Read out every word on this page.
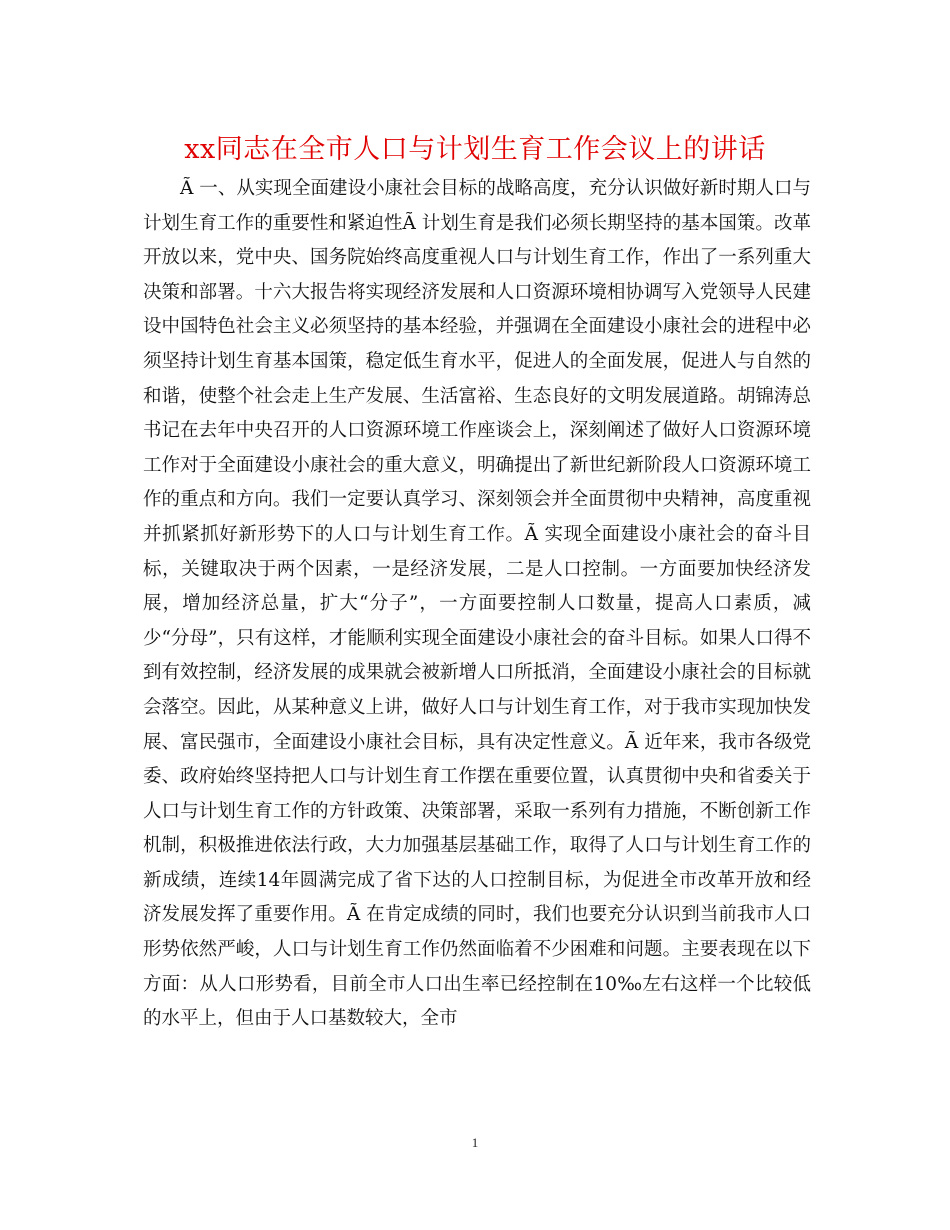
xx同志在全市人口与计划生育工作会议上的讲话

Ã 一、从实现全面建设小康社会目标的战略高度，充分认识做好新时期人口与计划生育工作的重要性和紧迫性Ã 计划生育是我们必须长期坚持的基本国策。改革开放以来，党中央、国务院始终高度重视人口与计划生育工作，作出了一系列重大决策和部署。十六大报告将实现经济发展和人口资源环境相协调写入党领导人民建设中国特色社会主义必须坚持的基本经验，并强调在全面建设小康社会的进程中必须坚持计划生育基本国策，稳定低生育水平，促进人的全面发展，促进人与自然的和谐，使整个社会走上生产发展、生活富裕、生态良好的文明发展道路。胡锦涛总书记在去年中央召开的人口资源环境工作座谈会上，深刻阐述了做好人口资源环境工作对于全面建设小康社会的重大意义，明确提出了新世纪新阶段人口资源环境工作的重点和方向。我们一定要认真学习、深刻领会并全面贯彻中央精神，高度重视并抓紧抓好新形势下的人口与计划生育工作。Ã 实现全面建设小康社会的奋斗目标，关键取决于两个因素，一是经济发展，二是人口控制。一方面要加快经济发展，增加经济总量，扩大“分子”，一方面要控制人口数量，提高人口素质，减少“分母”，只有这样，才能顺利实现全面建设小康社会的奋斗目标。如果人口得不到有效控制，经济发展的成果就会被新增人口所抵消，全面建设小康社会的目标就会落空。因此，从某种意义上讲，做好人口与计划生育工作，对于我市实现加快发展、富民强市，全面建设小康社会目标，具有决定性意义。Ã 近年来，我市各级党委、政府始终坚持把人口与计划生育工作摆在重要位置，认真贯彻中央和省委关于人口与计划生育工作的方针政策、决策部署，采取一系列有力措施，不断创新工作机制，积极推进依法行政，大力加强基层基础工作，取得了人口与计划生育工作的新成绩，连续14年圆满完成了省下达的人口控制目标，为促进全市改革开放和经济发展发挥了重要作用。Ã 在肯定成绩的同时，我们也要充分认识到当前我市人口形势依然严峻，人口与计划生育工作仍然面临着不少困难和问题。主要表现在以下方面：从人口形势看，目前全市人口出生率已经控制在10‰左右这样一个比较低的水平上，但由于人口基数较大，全市

1
